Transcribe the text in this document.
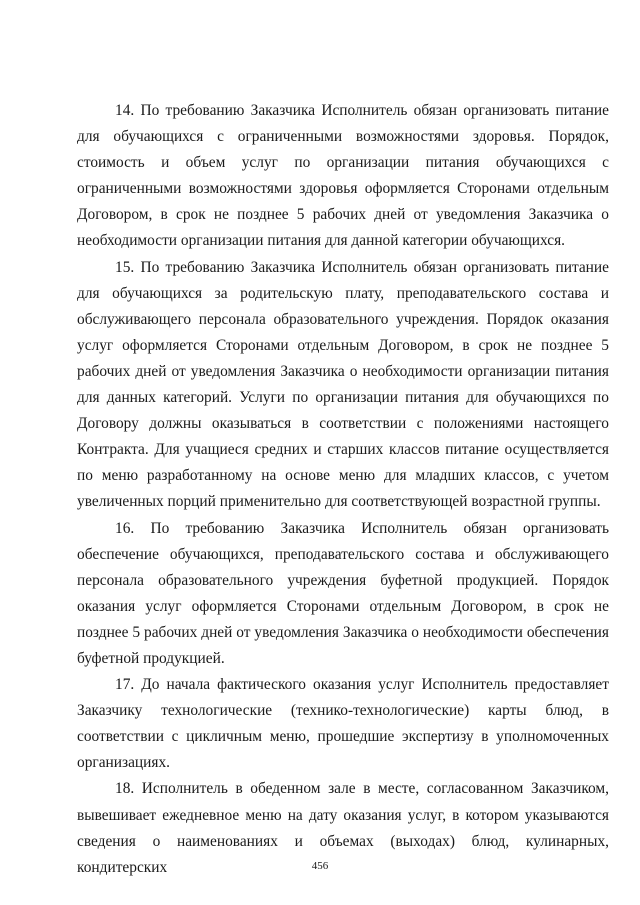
14. По требованию Заказчика Исполнитель обязан организовать питание для обучающихся с ограниченными возможностями здоровья. Порядок, стоимость и объем услуг по организации питания обучающихся с ограниченными возможностями здоровья оформляется Сторонами отдельным Договором, в срок не позднее 5 рабочих дней от уведомления Заказчика о необходимости организации питания для данной категории обучающихся.

15. По требованию Заказчика Исполнитель обязан организовать питание для обучающихся за родительскую плату, преподавательского состава и обслуживающего персонала образовательного учреждения. Порядок оказания услуг оформляется Сторонами отдельным Договором, в срок не позднее 5 рабочих дней от уведомления Заказчика о необходимости организации питания для данных категорий. Услуги по организации питания для обучающихся по Договору должны оказываться в соответствии с положениями настоящего Контракта. Для учащиеся средних и старших классов питание осуществляется по меню разработанному на основе меню для младших классов, с учетом увеличенных порций применительно для соответствующей возрастной группы.

16. По требованию Заказчика Исполнитель обязан организовать обеспечение обучающихся, преподавательского состава и обслуживающего персонала образовательного учреждения буфетной продукцией. Порядок оказания услуг оформляется Сторонами отдельным Договором, в срок не позднее 5 рабочих дней от уведомления Заказчика о необходимости обеспечения буфетной продукцией.

17. До начала фактического оказания услуг Исполнитель предоставляет Заказчику технологические (технико-технологические) карты блюд, в соответствии с цикличным меню, прошедшие экспертизу в уполномоченных организациях.

18. Исполнитель в обеденном зале в месте, согласованном Заказчиком, вывешивает ежедневное меню на дату оказания услуг, в котором указываются сведения о наименованиях и объемах (выходах) блюд, кулинарных, кондитерских	456
